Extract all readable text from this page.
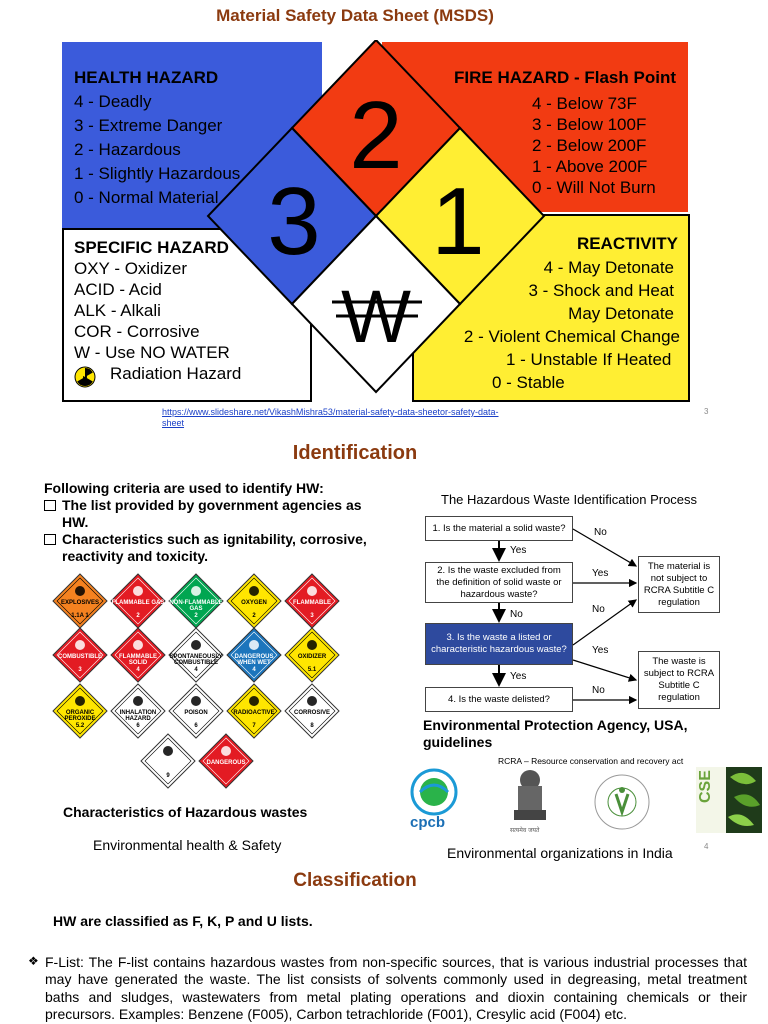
Material Safety Data Sheet (MSDS)
HEALTH HAZARD
4 - Deadly
3 - Extreme Danger
2 - Hazardous
1 - Slightly Hazardous
0 - Normal Material
FIRE HAZARD - Flash Point
4 - Below 73F
3 - Below 100F
2 - Below 200F
1 - Above 200F
0 - Will Not Burn
SPECIFIC HAZARD
OXY - Oxidizer
ACID - Acid
ALK - Alkali
COR - Corrosive
W - Use NO WATER
Radiation Hazard
REACTIVITY
4 - May Detonate
3 - Shock and Heat
May Detonate
2 - Violent Chemical Change
1 - Unstable If Heated
0 - Stable
2
3 1
W
https://www.slideshare.net/VikashMishra53/material-safety-data-sheetor-safety-data-
sheet
3
Identification
Following criteria are used to identify HW:
The list provided by government agencies as HW.
Characteristics such as ignitability, corrosive, reactivity and toxicity.
EXPLOSIVES
1.1A 1
FLAMMABLE GAS
2
NON-FLAMMABLE GAS
2
OXYGEN
2
FLAMMABLE
3
COMBUSTIBLE
3
FLAMMABLE SOLID
4
SPONTANEOUSLY COMBUSTIBLE
4
DANGEROUS WHEN WET
4
OXIDIZER
5.1
ORGANIC PEROXIDE
5.2
INHALATION HAZARD
6
POISON
6
RADIOACTIVE
7
CORROSIVE
8
9
DANGEROUS
Characteristics of Hazardous wastes
Environmental health & Safety
The Hazardous Waste Identification Process
1. Is the material a solid waste?
2. Is the waste excluded from the definition of solid waste or hazardous waste?
3. Is the waste a listed or characteristic hazardous waste?
4. Is the waste delisted?
The material is not subject to RCRA Subtitle C regulation
The waste is subject to RCRA Subtitle C regulation
No
Yes
Yes
No	No
Yes
Yes
No
Environmental Protection Agency, USA, guidelines
RCRA – Resource conservation and recovery act
cpcb	सत्यमेव जयते
CSE
Environmental organizations in India	4
Classification
HW are classified as F, K, P and U lists.
❖ F-List: The F-list contains hazardous wastes from non-specific sources, that is various industrial processes that may have generated the waste. The list consists of solvents commonly used in degreasing, metal treatment baths and sludges, wastewaters from metal plating operations and dioxin containing chemicals or their precursors. Examples: Benzene (F005), Carbon tetrachloride (F001), Cresylic acid (F004) etc.
